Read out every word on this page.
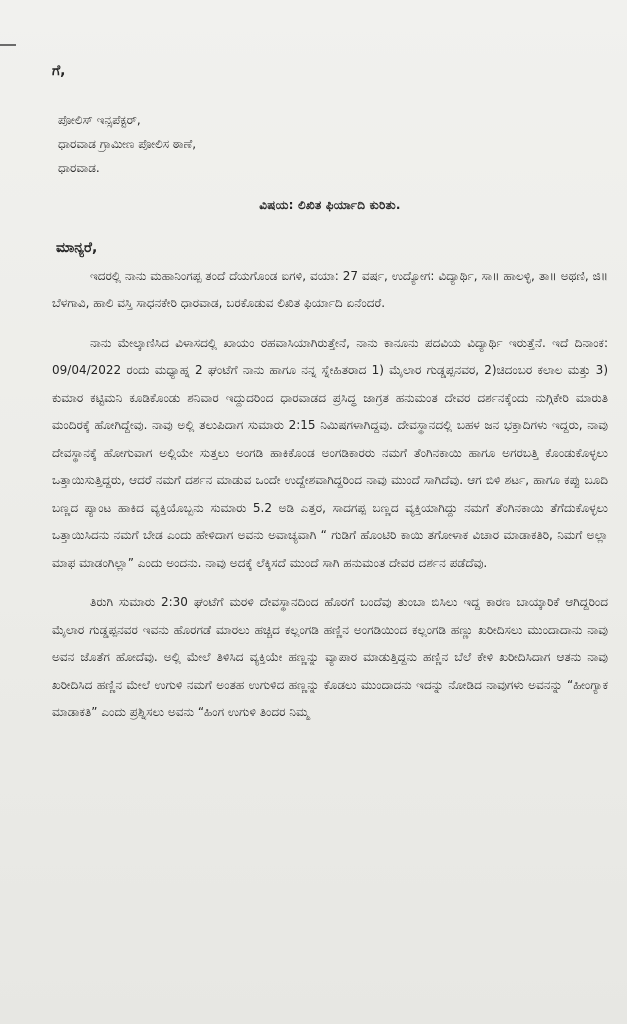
ಗೆ,

ಪೋಲಿಸ್ ಇನ್ಸಪೆಕ್ಟರ್,
ಧಾರವಾಡ ಗ್ರಾಮೀಣ ಪೋಲಿಸ ಠಾಣೆ,
ಧಾರವಾಡ.

ವಿಷಯ: ಲಿಖಿತ ಫಿರ್ಯಾದಿ ಕುರಿತು.

ಮಾನ್ಯರೆ,

ಇದರಲ್ಲಿ ನಾನು ಮಹಾನಿಂಗಪ್ಪ ತಂದೆ ದೆಯಗೊಂಡ ಐಗಳಿ, ವಯಾ: 27 ವರ್ಷ, ಉದ್ಯೋಗ: ವಿದ್ಯಾರ್ಥಿ, ಸಾ॥ ಹಾಲಳ್ಳಿ, ತಾ॥ ಅಥಣಿ, ಜಿ॥ ಬೆಳಗಾವಿ, ಹಾಲಿ ವಸ್ತಿ ಸಾಧನಕೇರಿ ಧಾರವಾಡ, ಬರಕೊಡುವ ಲಿಖಿತ ಫಿರ್ಯಾದಿ ಏನೆಂದರೆ.

ನಾನು ಮೇಲ್ಕಾಣಿಸಿದ ವಿಳಾಸದಲ್ಲಿ ಖಾಯಂ ರಹವಾಸಿಯಾಗಿರುತ್ತೇನೆ, ನಾನು ಕಾನೂನು ಪದವಿಯ ವಿದ್ಯಾರ್ಥಿ ಇರುತ್ತೆನೆ. ಇದೆ ದಿನಾಂಕ: 09/04/2022 ರಂದು ಮಧ್ಯಾಹ್ನ 2 ಘಂಟೆಗೆ ನಾನು ಹಾಗೂ ನನ್ನ ಸ್ನೇಹಿತರಾದ 1) ಮೈಲಾರ ಗುಡ್ಡಪ್ಪನವರ, 2)ಚಿದಂಬರ ಕಲಾಲ ಮತ್ತು 3) ಕುಮಾರ ಕಟ್ಟಿಮನಿ ಕೂಡಿಕೊಂಡು ಶನಿವಾರ ಇದ್ದುದರಿಂದ ಧಾರವಾಡದ ಪ್ರಸಿದ್ಧ ಜಾಗ್ರತ ಹನುಮಂತ ದೇವರ ದರ್ಶನಕ್ಕೆಂದು ನುಗ್ಗಿಕೇರಿ ಮಾರುತಿ ಮಂದಿರಕ್ಕೆ ಹೋಗಿದ್ದೇವು. ನಾವು ಅಲ್ಲಿ ತಲುಪಿದಾಗ ಸುಮಾರು 2:15 ನಿಮಿಷಗಳಾಗಿದ್ದವು. ದೇವಸ್ಥಾನದಲ್ಲಿ ಬಹಳ ಜನ ಭಕ್ತಾದಿಗಳು ಇದ್ದರು, ನಾವು ದೇವಸ್ಥಾನಕ್ಕೆ ಹೋಗುವಾಗ ಅಲ್ಲಿಯೇ ಸುತ್ತಲು ಅಂಗಡಿ ಹಾಕಿಕೊಂಡ ಅಂಗಡಿಕಾರರು ನಮಗೆ ತೆಂಗಿನಕಾಯಿ ಹಾಗೂ ಅಗರಬತ್ತಿ ಕೊಂಡುಕೊಳ್ಳಲು ಒತ್ತಾಯಿಸುತ್ತಿದ್ದರು, ಆದರೆ ನಮಗೆ ದರ್ಶನ ಮಾಡುವ ಒಂದೇ ಉದ್ದೇಶವಾಗಿದ್ದರಿಂದ ನಾವು ಮುಂದೆ ಸಾಗಿದೆವು. ಆಗ ಬಿಳಿ ಶರ್ಟ, ಹಾಗೂ ಕಪ್ಪು ಬೂದಿ ಬಣ್ಣದ ಪ್ಯಾಂಟ ಹಾಕಿದ ವ್ಯಕ್ತಿಯೊಬ್ಬನು ಸುಮಾರು 5.2 ಅಡಿ ಎತ್ತರ, ಸಾದಗಪ್ಪ ಬಣ್ಣದ ವ್ಯಕ್ತಿಯಾಗಿದ್ದು ನಮಗೆ ತೆಂಗಿನಕಾಯಿ ತೆಗೆದುಕೊಳ್ಳಲು ಒತ್ತಾಯಿಸಿದನು ನಮಗೆ ಬೇಡ ಎಂದು ಹೇಳಿದಾಗ ಅವನು ಅವಾಚ್ಯವಾಗಿ “ ಗುಡಿಗೆ ಹೊಂಟಿರಿ ಕಾಯಿ ತಗೋಳಾಕ ವಿಚಾರ ಮಾಡಾಕತಿರಿ, ನಿಮಗೆ ಅಲ್ಲಾ ಮಾಫ ಮಾಡಂಗಿಲ್ಲಾ” ಎಂದು ಅಂದನು. ನಾವು ಅದಕ್ಕೆ ಲೆಕ್ಕಿಸದೆ ಮುಂದೆ ಸಾಗಿ ಹನುಮಂತ ದೇವರ ದರ್ಶನ ಪಡೆದೆವು.

ತಿರುಗಿ ಸುಮಾರು 2:30 ಘಂಟೆಗೆ ಮರಳಿ ದೇವಸ್ಥಾನದಿಂದ ಹೊರಗೆ ಬಂದೆವು ತುಂಬಾ ಬಿಸಿಲು ಇದ್ದ ಕಾರಣ ಬಾಯ್ಕಾರಿಕೆ ಆಗಿದ್ದರಿಂದ ಮೈಲಾರ ಗುಡ್ಡಪ್ಪನವರ ಇವನು ಹೊರಗಡೆ ಮಾರಲು ಹಚ್ಚಿದ ಕಲ್ಲಂಗಡಿ ಹಣ್ಣಿನ ಅಂಗಡಿಯಿಂದ ಕಲ್ಲಂಗಡಿ ಹಣ್ಣು ಖರೀದಿಸಲು ಮುಂದಾದಾನು ನಾವು ಅವನ ಜೊತೆಗ ಹೋದೆವು. ಅಲ್ಲಿ ಮೇಲೆ ತಿಳಿಸಿದ ವ್ಯಕ್ತಿಯೇ ಹಣ್ಣನ್ನು ವ್ಯಾಪಾರ ಮಾಡುತ್ತಿದ್ದನು ಹಣ್ಣಿನ ಬೆಲೆ ಕೇಳಿ ಖರೀದಿಸಿದಾಗ ಆತನು ನಾವು ಖರೀದಿಸಿದ ಹಣ್ಣಿನ ಮೇಲೆ ಉಗುಳಿ ನಮಗೆ ಅಂತಹ ಉಗುಳಿದ ಹಣ್ಣನ್ನು ಕೊಡಲು ಮುಂದಾದನು ಇದನ್ನು ನೋಡಿದ ನಾವುಗಳು ಅವನನ್ನು “ಹೀಂಗ್ಯಾಕ ಮಾಡಾಕತಿ” ಎಂದು ಪ್ರಶ್ನಿಸಲು ಅವನು “ಹಿಂಗ ಉಗುಳಿ ತಿಂದರ ನಿಮ್ಮ
